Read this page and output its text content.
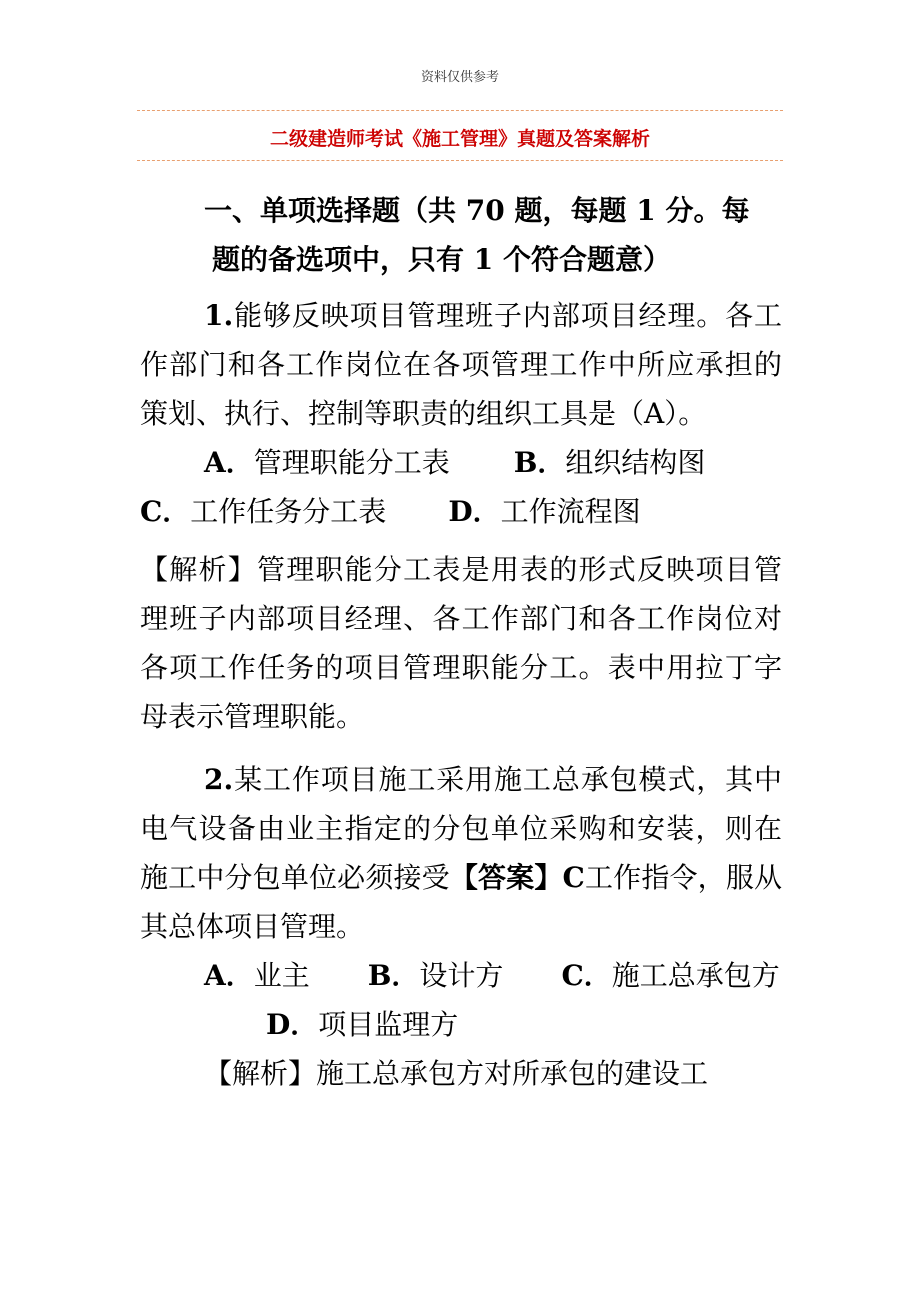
资料仅供参考
二级建造师考试《施工管理》真题及答案解析

一、单项选择题（共 70 题，每题 1 分。每
题的备选项中，只有 1 个符合题意）

1.能够反映项目管理班子内部项目经理。各工作部门和各工作岗位在各项管理工作中所应承担的策划、执行、控制等职责的组织工具是（A）。

A．管理职能分工表 B．组织结构图
C．工作任务分工表 D．工作流程图

【解析】管理职能分工表是用表的形式反映项目管理班子内部项目经理、各工作部门和各工作岗位对各项工作任务的项目管理职能分工。表中用拉丁字母表示管理职能。

2.某工作项目施工采用施工总承包模式，其中电气设备由业主指定的分包单位采购和安装，则在施工中分包单位必须接受【答案】C工作指令，服从其总体项目管理。

A．业主 B．设计方 C．施工总承包方D．项目监理方

【解析】施工总承包方对所承包的建设工
